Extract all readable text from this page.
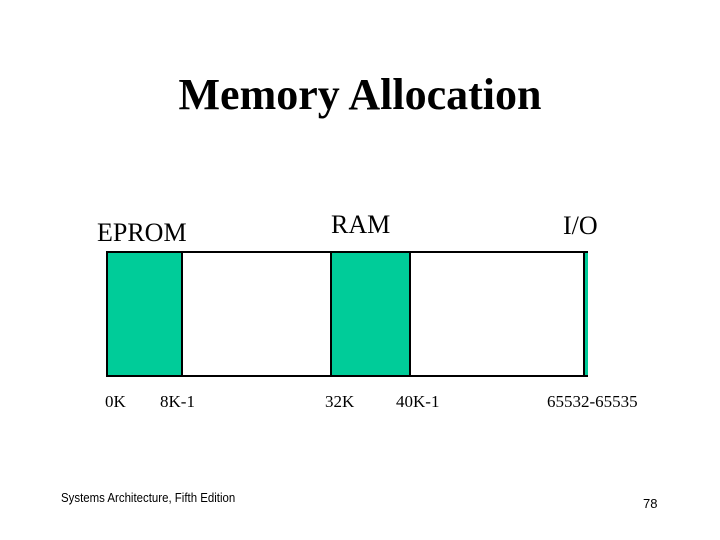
Memory Allocation
EPROM	RAM	I/O
0K 8K-1	32K 40K-1	65532-65535
Systems Architecture, Fifth Edition	78
